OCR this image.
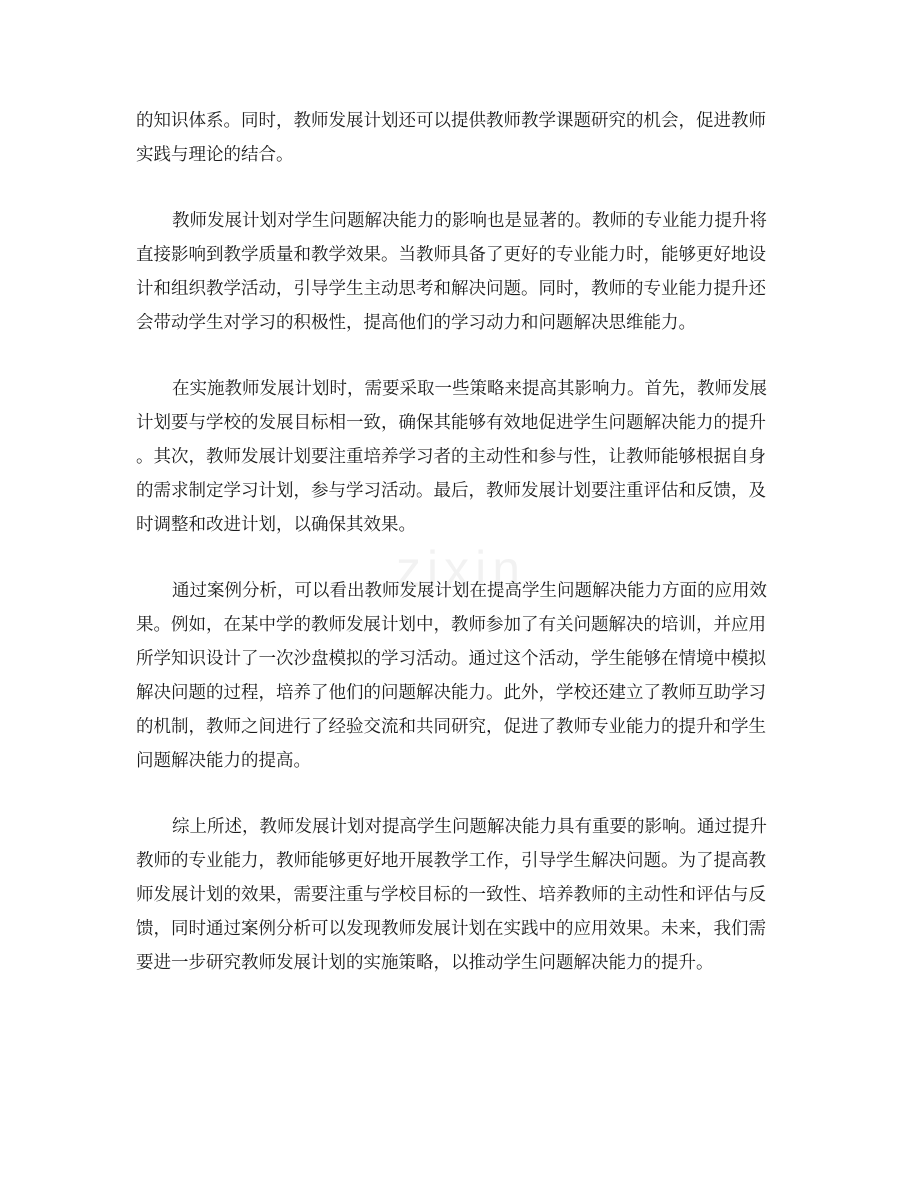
zixin
的知识体系。同时，教师发展计划还可以提供教师教学课题研究的机会，促进教师
实践与理论的结合。
教师发展计划对学生问题解决能力的影响也是显著的。教师的专业能力提升将
直接影响到教学质量和教学效果。当教师具备了更好的专业能力时，能够更好地设
计和组织教学活动，引导学生主动思考和解决问题。同时，教师的专业能力提升还
会带动学生对学习的积极性，提高他们的学习动力和问题解决思维能力。
在实施教师发展计划时，需要采取一些策略来提高其影响力。首先，教师发展
计划要与学校的发展目标相一致，确保其能够有效地促进学生问题解决能力的提升
。其次，教师发展计划要注重培养学习者的主动性和参与性，让教师能够根据自身
的需求制定学习计划，参与学习活动。最后，教师发展计划要注重评估和反馈，及
时调整和改进计划，以确保其效果。
通过案例分析，可以看出教师发展计划在提高学生问题解决能力方面的应用效
果。例如，在某中学的教师发展计划中，教师参加了有关问题解决的培训，并应用
所学知识设计了一次沙盘模拟的学习活动。通过这个活动，学生能够在情境中模拟
解决问题的过程，培养了他们的问题解决能力。此外，学校还建立了教师互助学习
的机制，教师之间进行了经验交流和共同研究，促进了教师专业能力的提升和学生
问题解决能力的提高。
综上所述，教师发展计划对提高学生问题解决能力具有重要的影响。通过提升
教师的专业能力，教师能够更好地开展教学工作，引导学生解决问题。为了提高教
师发展计划的效果，需要注重与学校目标的一致性、培养教师的主动性和评估与反
馈，同时通过案例分析可以发现教师发展计划在实践中的应用效果。未来，我们需
要进一步研究教师发展计划的实施策略，以推动学生问题解决能力的提升。
